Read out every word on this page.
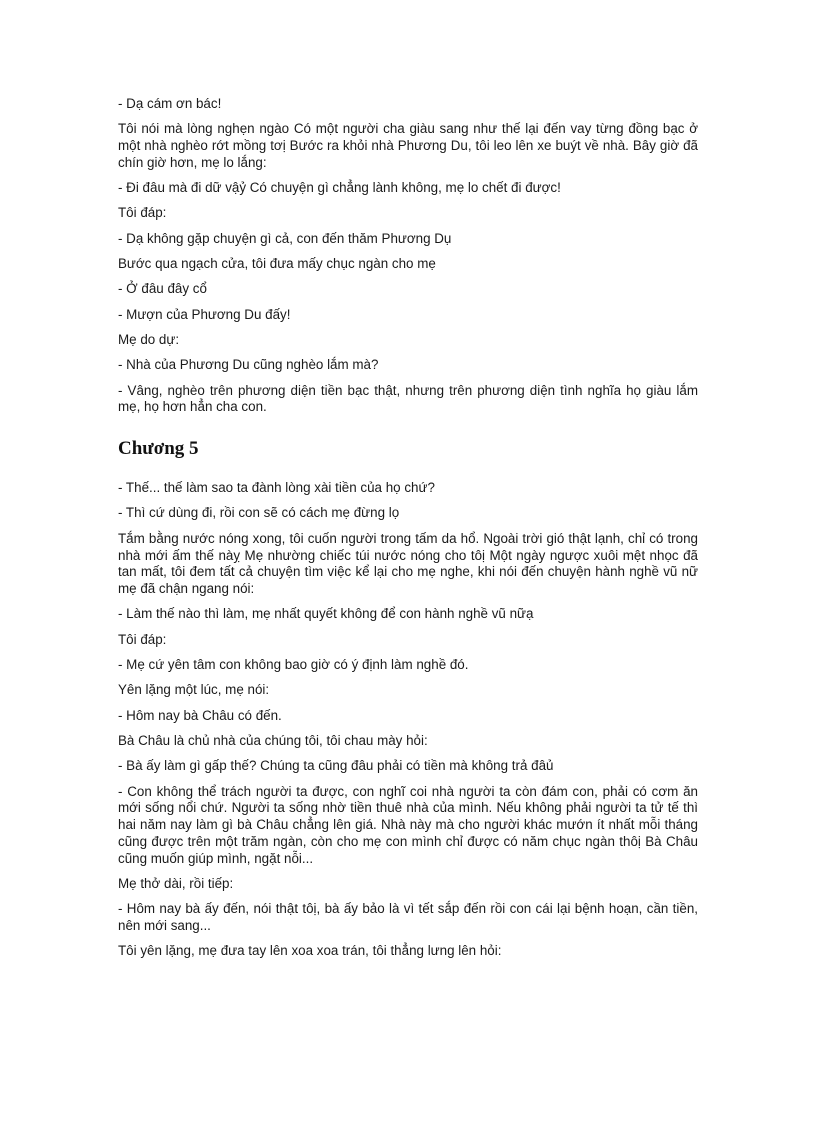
- Dạ cám ơn bác!

Tôi nói mà lòng nghẹn ngào Có một người cha giàu sang như thế lại đến vay từng đồng bạc ở một nhà nghèo rớt mồng tơị Bước ra khỏi nhà Phương Du, tôi leo lên xe buýt về nhà. Bây giờ đã chín giờ hơn, mẹ lo lắng:

- Đi đâu mà đi dữ vậỷ Có chuyện gì chẳng lành không, mẹ lo chết đi được!

Tôi đáp:

- Dạ không gặp chuyện gì cả, con đến thăm Phương Dụ

Bước qua ngạch cửa, tôi đưa mấy chục ngàn cho mẹ

- Ở đâu đây cổ

- Mượn của Phương Du đấy!

Mẹ do dự:

- Nhà của Phương Du cũng nghèo lắm mà?

- Vâng, nghèo trên phương diện tiền bạc thật, nhưng trên phương diện tình nghĩa họ giàu lắm mẹ, họ hơn hẳn cha con.

Chương 5

- Thế... thế làm sao ta đành lòng xài tiền của họ chứ?

- Thì cứ dùng đi, rồi con sẽ có cách mẹ đừng lọ

Tắm bằng nước nóng xong, tôi cuốn người trong tấm da hổ. Ngoài trời gió thật lạnh, chỉ có trong nhà mới ấm thế nàỵ Mẹ nhường chiếc túi nước nóng cho tôị Một ngày ngược xuôi mệt nhọc đã tan mất, tôi đem tất cả chuyện tìm việc kể lại cho mẹ nghe, khi nói đến chuyện hành nghề vũ nữ mẹ đã chận ngang nói:

- Làm thế nào thì làm, mẹ nhất quyết không để con hành nghề vũ nữạ

Tôi đáp:

- Mẹ cứ yên tâm con không bao giờ có ý định làm nghề đó.

Yên lặng một lúc, mẹ nói:

- Hôm nay bà Châu có đến.

Bà Châu là chủ nhà của chúng tôi, tôi chau mày hỏi:

- Bà ấy làm gì gấp thế? Chúng ta cũng đâu phải có tiền mà không trả đâủ

- Con không thể trách người ta được, con nghĩ coi nhà người ta còn đám con, phải có cơm ăn mới sống nổi chứ. Người ta sống nhờ tiền thuê nhà của mình. Nếu không phải người ta tử tế thì hai năm nay làm gì bà Châu chẳng lên giá. Nhà này mà cho người khác mướn ít nhất mỗi tháng cũng được trên một trăm ngàn, còn cho mẹ con mình chỉ được có năm chục ngàn thôị Bà Châu cũng muốn giúp mình, ngặt nỗi...

Mẹ thở dài, rồi tiếp:

- Hôm nay bà ấy đến, nói thật tôị, bà ấy bảo là vì tết sắp đến rồi con cái lại bệnh hoạn, cần tiền, nên mới sang...

Tôi yên lặng, mẹ đưa tay lên xoa xoa trán, tôi thẳng lưng lên hỏi:
